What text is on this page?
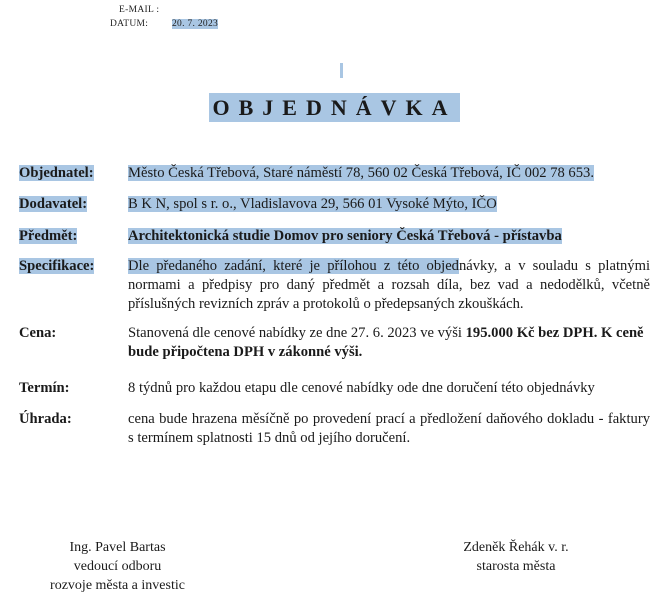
E-MAIL :
DATUM:	20. 7. 2023
OBJEDNÁVKA
Objednatel:	Město Česká Třebová, Staré náměstí 78, 560 02 Česká Třebová, IČ 002 78 653.
Dodavatel:	B K N, spol s r. o., Vladislavova 29, 566 01 Vysoké Mýto, IČO
Předmět:	Architektonická studie Domov pro seniory Česká Třebová - přístavba
Specifikace:	Dle předaného zadání, které je přílohou z této objednávky, a v souladu s platnými normami a předpisy pro daný předmět a rozsah díla, bez vad a nedodělků, včetně příslušných revizních zpráv a protokolů o předepsaných zkouškách.
Cena:	Stanovená dle cenové nabídky ze dne 27. 6. 2023 ve výši 195.000 Kč bez DPH. K ceně bude připočtena DPH v zákonné výši.
Termín:	8 týdnů pro každou etapu dle cenové nabídky ode dne doručení této objednávky
Úhrada:	cena bude hrazena měsíčně po provedení prací a předložení daňového dokladu - faktury s termínem splatnosti 15 dnů od jejího doručení.
Ing. Pavel Bartas
vedoucí odboru
rozvoje města a investic
Zdeněk Řehák v. r.
starosta města
